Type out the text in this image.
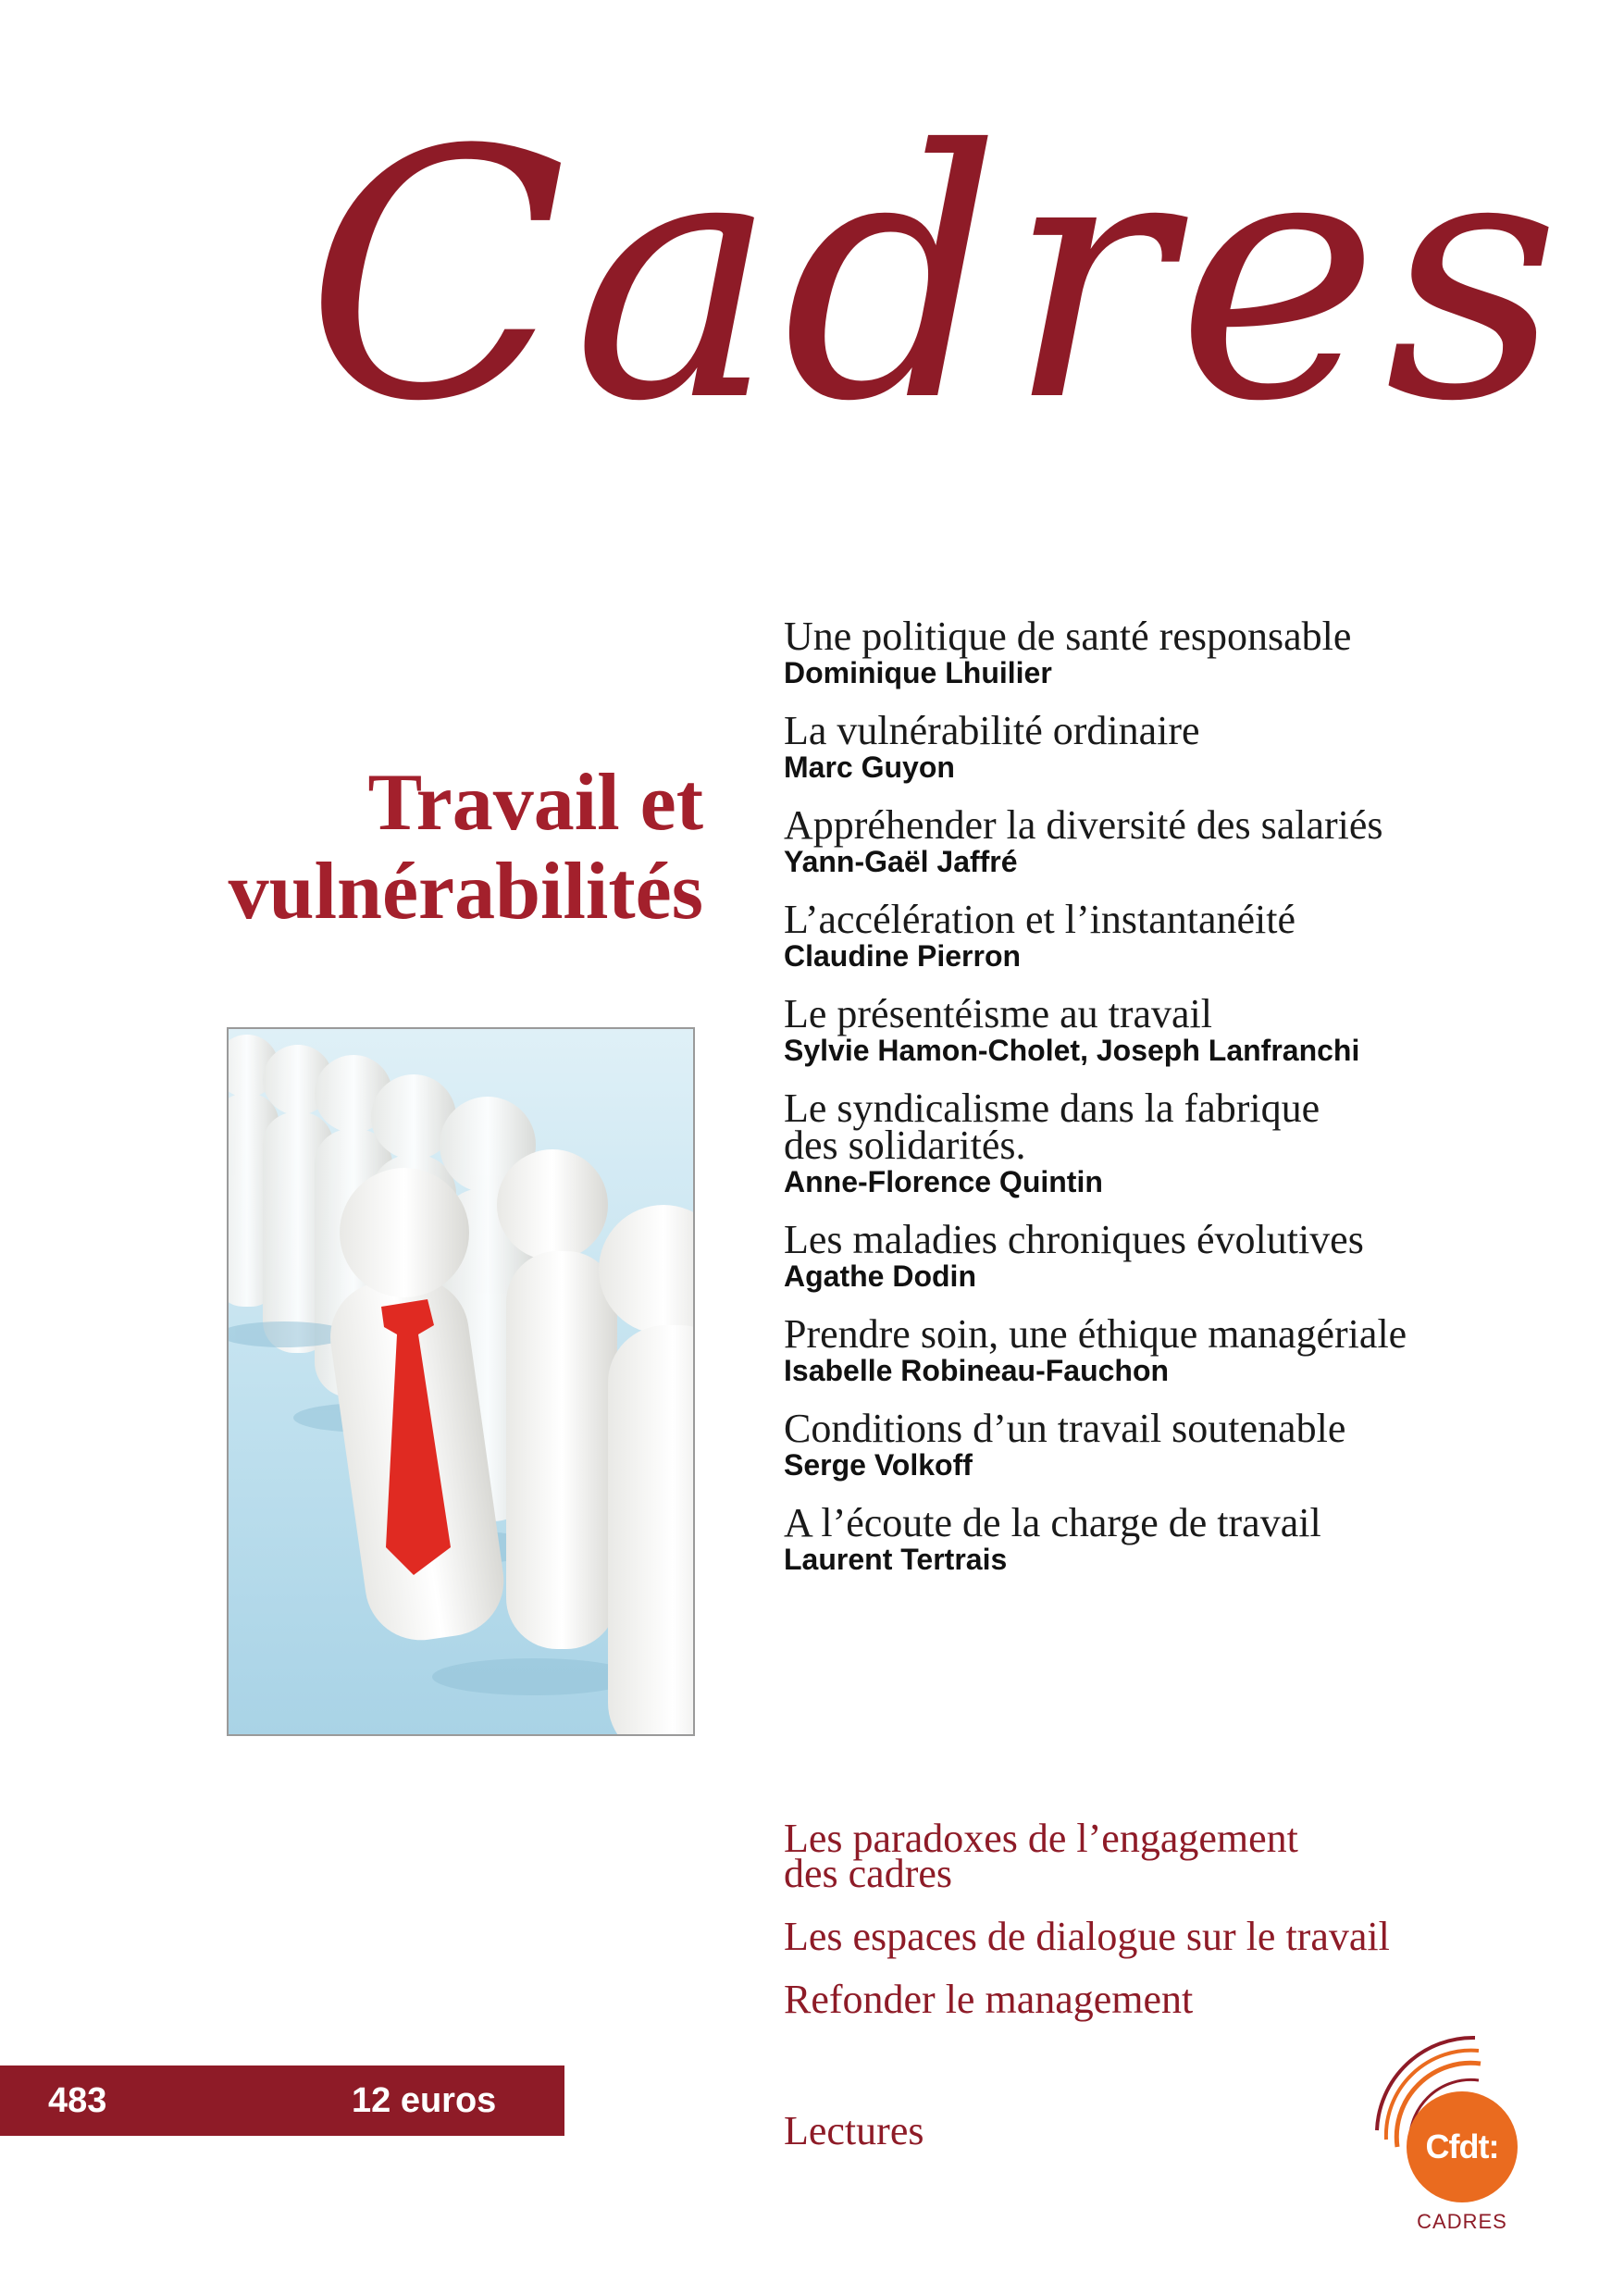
Cadres
Travail et
vulnérabilités
Une politique de santé responsable
Dominique Lhuilier
La vulnérabilité ordinaire
Marc Guyon
Appréhender la diversité des salariés
Yann-Gaël Jaffré
L’accélération et l’instantanéité
Claudine Pierron
Le présentéisme au travail
Sylvie Hamon-Cholet, Joseph Lanfranchi
Le syndicalisme dans la fabrique
des solidarités.
Anne-Florence Quintin
Les maladies chroniques évolutives
Agathe Dodin
Prendre soin, une éthique managériale
Isabelle Robineau-Fauchon
Conditions d’un travail soutenable
Serge Volkoff
A l’écoute de la charge de travail
Laurent Tertrais
Les paradoxes de l’engagement
des cadres
Les espaces de dialogue sur le travail
Refonder le management
Lectures
483	12 euros
Cfdt:
CADRES
